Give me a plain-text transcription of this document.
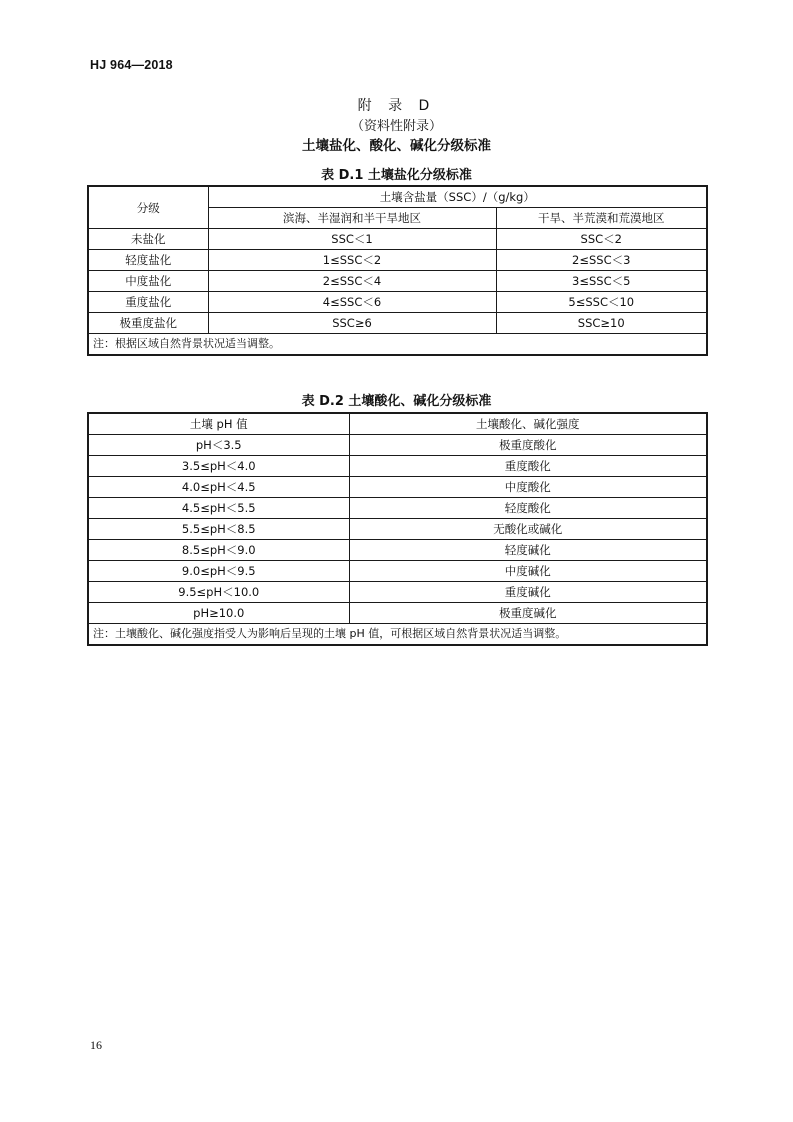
HJ 964—2018
附 录 D
（资料性附录）
土壤盐化、酸化、碱化分级标准
表 D.1 土壤盐化分级标准
分级	土壤含盐量（SSC）/（g/kg）	
	滨海、半湿润和半干旱地区	干旱、半荒漠和荒漠地区
未盐化	SSC＜1	SSC＜2
轻度盐化	1≤SSC＜2	2≤SSC＜3
中度盐化	2≤SSC＜4	3≤SSC＜5
重度盐化	4≤SSC＜6	5≤SSC＜10
极重度盐化	SSC≥6	SSC≥10
注：根据区域自然背景状况适当调整。		
表 D.2 土壤酸化、碱化分级标准
土壤 pH 值	土壤酸化、碱化强度
pH＜3.5	极重度酸化
3.5≤pH＜4.0	重度酸化
4.0≤pH＜4.5	中度酸化
4.5≤pH＜5.5	轻度酸化
5.5≤pH＜8.5	无酸化或碱化
8.5≤pH＜9.0	轻度碱化
9.0≤pH＜9.5	中度碱化
9.5≤pH＜10.0	重度碱化
pH≥10.0	极重度碱化
注：土壤酸化、碱化强度指受人为影响后呈现的土壤 pH 值，可根据区域自然背景状况适当调整。	
16
